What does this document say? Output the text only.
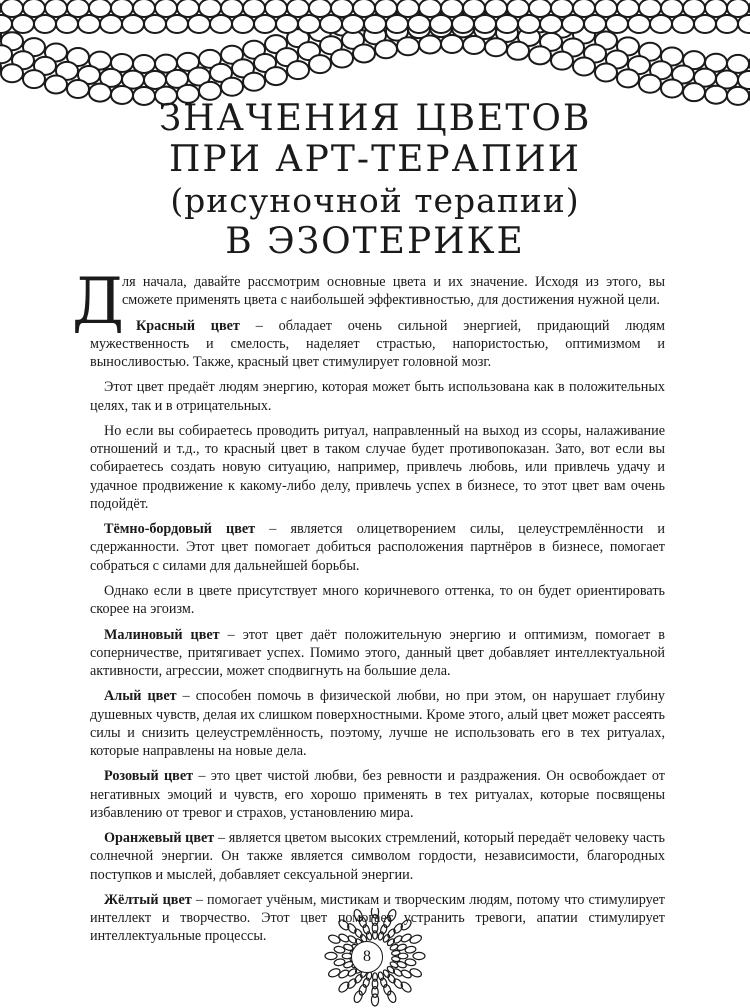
ЗНАЧЕНИЯ ЦВЕТОВ
ПРИ АРТ-ТЕРАПИИ
(рисуночной терапии)
В ЭЗОТЕРИКЕ

Д
ля начала, давайте рассмотрим основные цвета и их значение. Исходя из этого, вы сможете применять цвета с наибольшей эффективностью, для достижения нужной цели.

Красный цвет – обладает очень сильной энергией, придающий людям мужественность и смелость, наделяет страстью, напористостью, оптимизмом и выносливостью. Также, красный цвет стимулирует головной мозг.

Этот цвет предаёт людям энергию, которая может быть использована как в положительных целях, так и в отрицательных.

Но если вы собираетесь проводить ритуал, направленный на выход из ссоры, налаживание отношений и т.д., то красный цвет в таком случае будет противопоказан. Зато, вот если вы собираетесь создать новую ситуацию, например, привлечь любовь, или привлечь удачу и удачное продвижение к какому-либо делу, привлечь успех в бизнесе, то этот цвет вам очень подойдёт.

Тёмно-бордовый цвет – является олицетворением силы, целеустремлённости и сдержанности. Этот цвет помогает добиться расположения партнёров в бизнесе, помогает собраться с силами для дальнейшей борьбы.

Однако если в цвете присутствует много коричневого оттенка, то он будет ориентировать скорее на эгоизм.

Малиновый цвет – этот цвет даёт положительную энергию и оптимизм, помогает в соперничестве, притягивает успех. Помимо этого, данный цвет добавляет интеллектуальной активности, агрессии, может сподвигнуть на большие дела.

Алый цвет – способен помочь в физической любви, но при этом, он нарушает глубину душевных чувств, делая их слишком поверхностными. Кроме этого, алый цвет может рассеять силы и снизить целеустремлённость, поэтому, лучше не использовать его в тех ритуалах, которые направлены на новые дела.

Розовый цвет – это цвет чистой любви, без ревности и раздражения. Он освобождает от негативных эмоций и чувств, его хорошо применять в тех ритуалах, которые посвящены избавлению от тревог и страхов, установлению мира.

Оранжевый цвет – является цветом высоких стремлений, который передаёт человеку часть солнечной энергии. Он также является символом гордости, независимости, благородных поступков и мыслей, добавляет сексуальной энергии.

Жёлтый цвет – помогает учёным, мистикам и творческим людям, потому что стимулирует интеллект и творчество. Этот цвет помогает устранить тревоги, апатии стимулирует интеллектуальные процессы.

8
